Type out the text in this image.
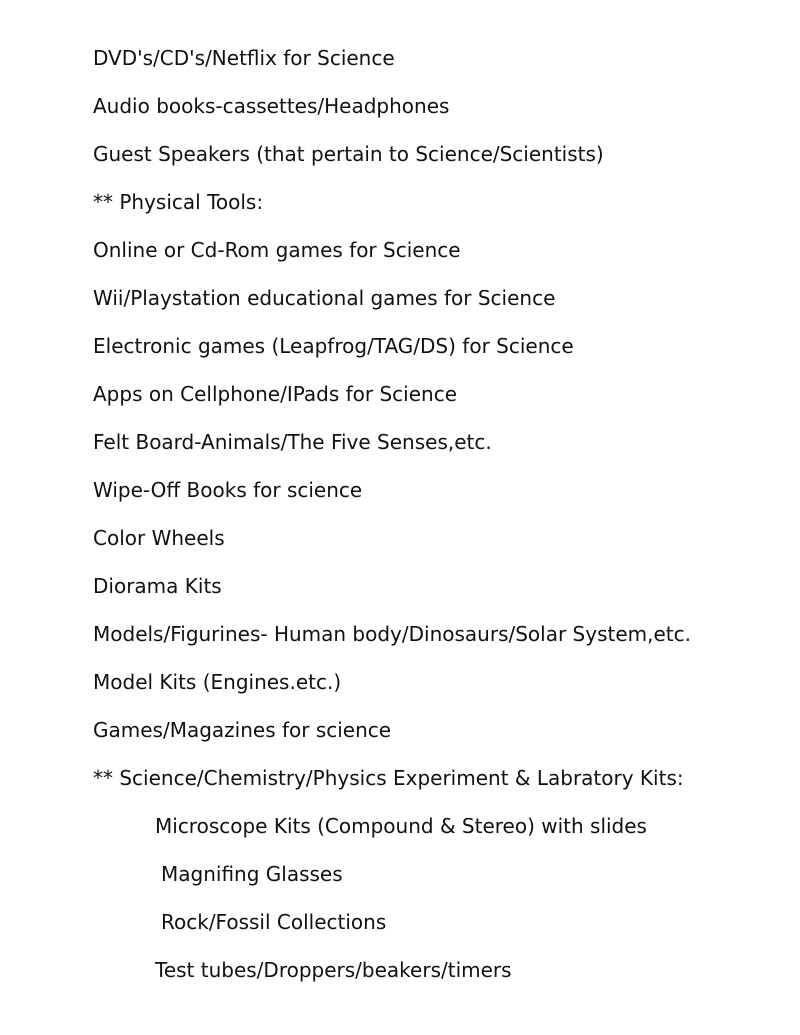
DVD's/CD's/Netflix for Science
Audio books-cassettes/Headphones
Guest Speakers (that pertain to Science/Scientists)
** Physical Tools:
Online or Cd-Rom games for Science
Wii/Playstation educational games for Science
Electronic games (Leapfrog/TAG/DS) for Science
Apps on Cellphone/IPads for Science
Felt Board-Animals/The Five Senses,etc.
Wipe-Off Books for science
Color Wheels
Diorama Kits
Models/Figurines- Human body/Dinosaurs/Solar System,etc.
Model Kits (Engines.etc.)
Games/Magazines for science
** Science/Chemistry/Physics Experiment & Labratory Kits:
Microscope Kits (Compound & Stereo) with slides
Magnifing Glasses
Rock/Fossil Collections
Test tubes/Droppers/beakers/timers
